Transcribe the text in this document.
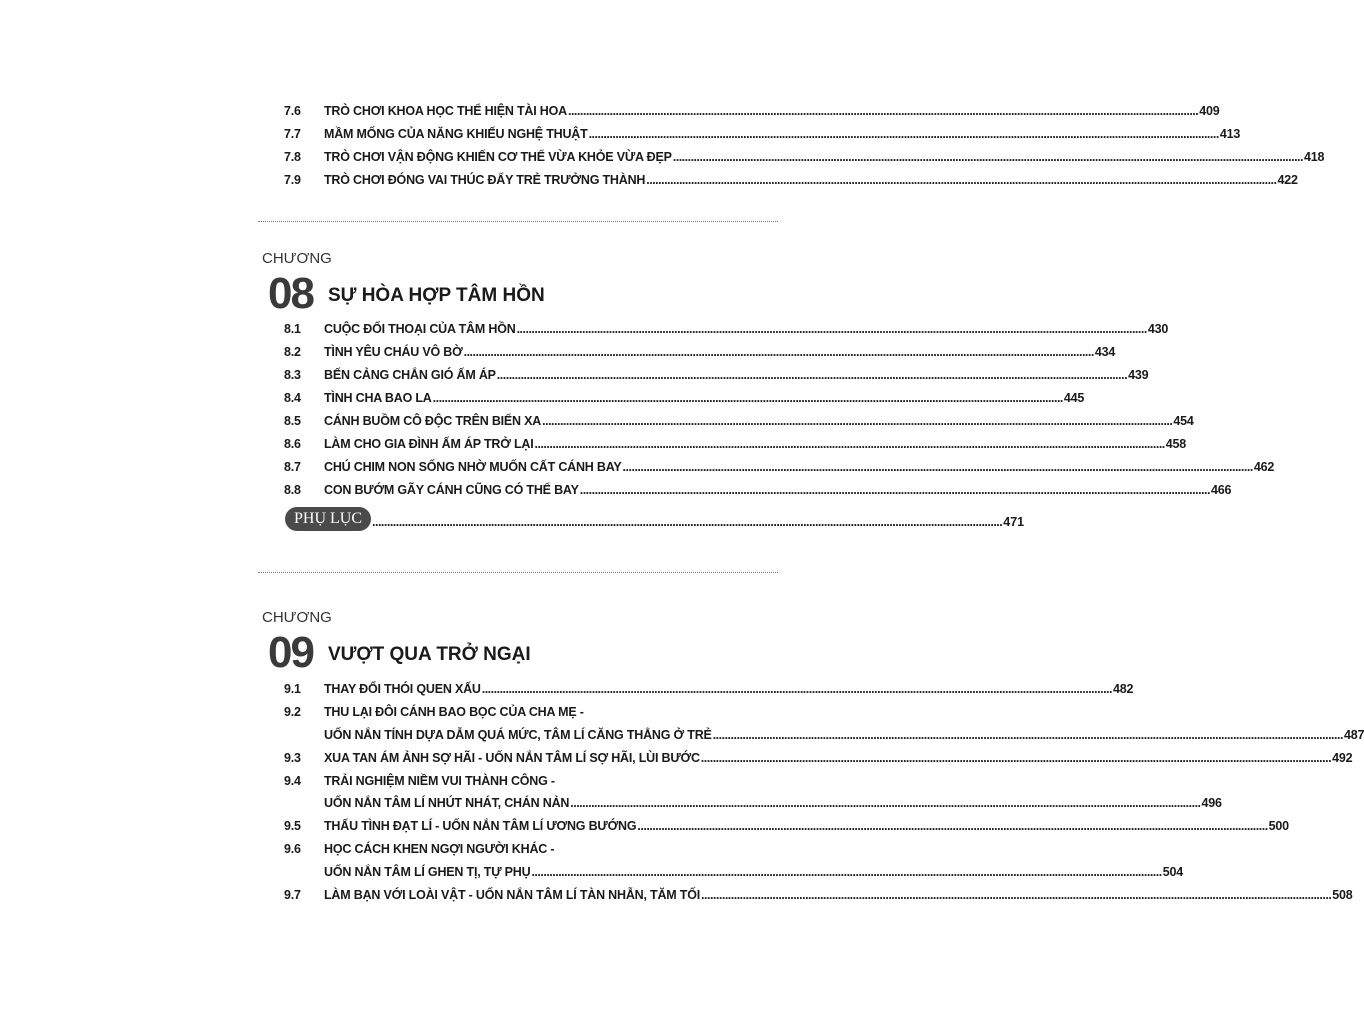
7.6	TRÒ CHƠI KHOA HỌC THỂ HIỆN TÀI HOA .....	409
7.7	MẦM MỐNG CỦA NĂNG KHIẾU NGHỆ THUẬT .....	413
7.8	TRÒ CHƠI VẬN ĐỘNG KHIẾN CƠ THỂ VỪA KHỎE VỪA ĐẸP .....	418
7.9	TRÒ CHƠI ĐÓNG VAI THÚC ĐẨY TRẺ TRƯỞNG THÀNH .....	422
CHƯƠNG
08 SỰ HÒA HỢP TÂM HỒN
8.1	CUỘC ĐỐI THOẠI CỦA TÂM HỒN .....	430
8.2	TÌNH YÊU CHÁU VÔ BỜ .....	434
8.3	BẾN CẢNG CHẮN GIÓ ẤM ÁP .....	439
8.4	TÌNH CHA BAO LA .....	445
8.5	CÁNH BUỒM CÔ ĐỘC TRÊN BIỂN XA .....	454
8.6	LÀM CHO GIA ĐÌNH ẤM ÁP TRỞ LẠI .....	458
8.7	CHÚ CHIM NON SỐNG NHỜ MUỐN CẤT CÁNH BAY .....	462
8.8	CON BƯỚM GÃY CÁNH CŨNG CÓ THỂ BAY .....	466
PHỤ LỤC .....	471
CHƯƠNG
09 VƯỢT QUA TRỞ NGẠI
9.1	THAY ĐỔI THÓI QUEN XẤU .....	482
9.2	THU LẠI ĐÔI CÁNH BAO BỌC CỦA CHA MẸ -
UỐN NẮN TÍNH DỰA DẪM QUÁ MỨC, TÂM LÍ CĂNG THẲNG Ở TRẺ .....	487
9.3	XUA TAN ÁM ẢNH SỢ HÃI - UỐN NẮN TÂM LÍ SỢ HÃI, LÙI BƯỚC .....	492
9.4	TRẢI NGHIỆM NIỀM VUI THÀNH CÔNG -
UỐN NẮN TÂM LÍ NHÚT NHÁT, CHÁN NẢN .....	496
9.5	THẤU TÌNH ĐẠT LÍ - UỐN NẮN TÂM LÍ ƯƠNG BƯỚNG .....	500
9.6	HỌC CÁCH KHEN NGỢI NGƯỜI KHÁC -
UỐN NẮN TÂM LÍ GHEN TỊ, TỰ PHỤ .....	504
9.7	LÀM BẠN VỚI LOÀI VẬT - UỐN NẮN TÂM LÍ TÀN NHẪN, TĂM TỐI .....	508
